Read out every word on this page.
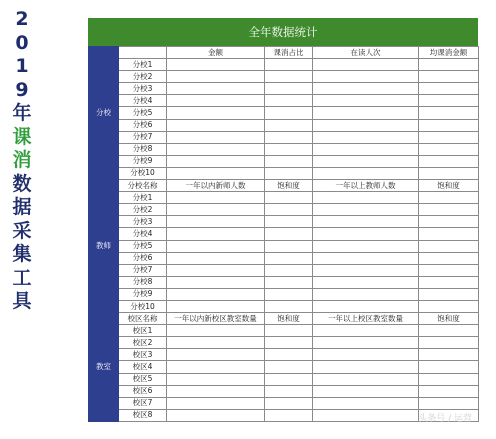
2
0
1
9
年
课
消
数
据
采
集
工
具
全年数据统计
分校		金额	课消占比	在读人次	均课消金额
	分校1				
	分校2				
	分校3				
	分校4				
	分校5				
	分校6				
	分校7				
	分校8				
	分校9				
	分校10				
教师	分校名称	一年以内新师人数	饱和度	一年以上教师人数	饱和度
	分校1				
	分校2				
	分校3				
	分校4				
	分校5				
	分校6				
	分校7				
	分校8				
	分校9				
	分校10				
教室	校区名称	一年以内新校区教室数量	饱和度	一年以上校区教室数量	饱和度
	校区1				
	校区2				
	校区3				
	校区4				
	校区5				
	校区6				
	校区7				
	校区8					头条号 / 运营
